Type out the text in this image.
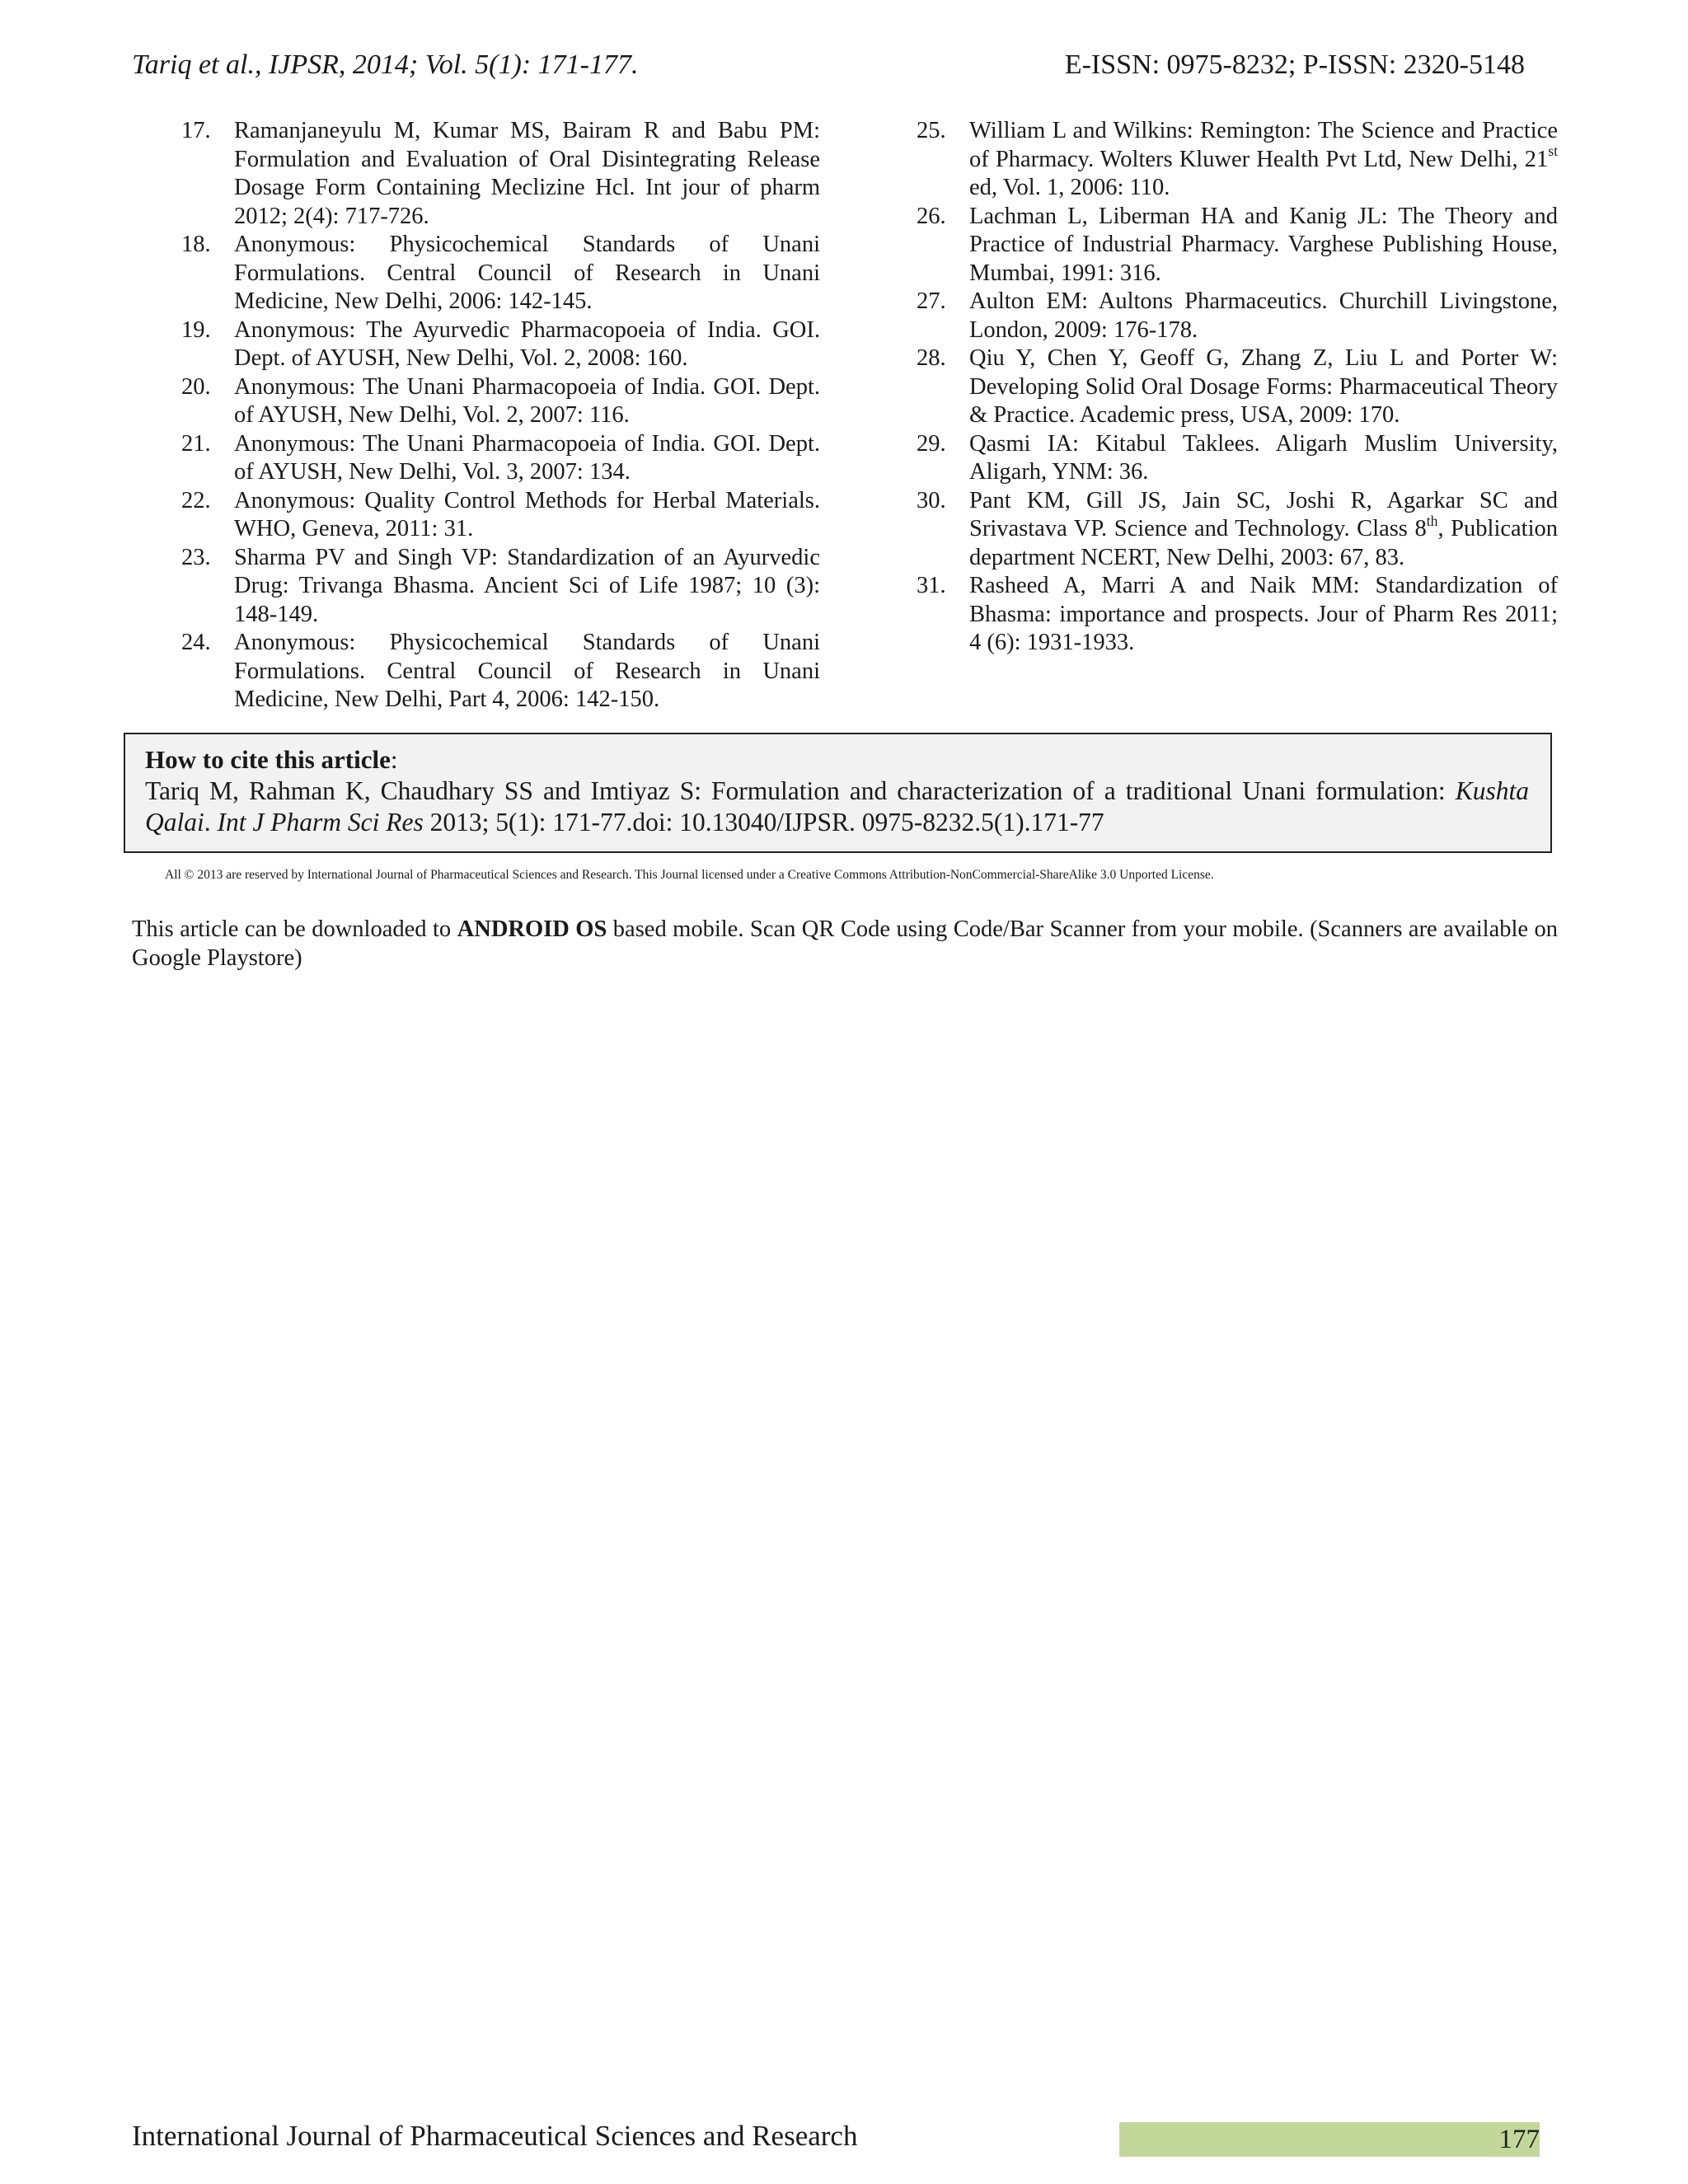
Tariq et al., IJPSR, 2014; Vol. 5(1): 171-177.	E-ISSN: 0975-8232; P-ISSN: 2320-5148
17. Ramanjaneyulu M, Kumar MS, Bairam R and Babu PM: Formulation and Evaluation of Oral Disintegrating Release Dosage Form Containing Meclizine Hcl. Int jour of pharm 2012; 2(4): 717-726.
18. Anonymous: Physicochemical Standards of Unani Formulations. Central Council of Research in Unani Medicine, New Delhi, 2006: 142-145.
19. Anonymous: The Ayurvedic Pharmacopoeia of India. GOI. Dept. of AYUSH, New Delhi, Vol. 2, 2008: 160.
20. Anonymous: The Unani Pharmacopoeia of India. GOI. Dept. of AYUSH, New Delhi, Vol. 2, 2007: 116.
21. Anonymous: The Unani Pharmacopoeia of India. GOI. Dept. of AYUSH, New Delhi, Vol. 3, 2007: 134.
22. Anonymous: Quality Control Methods for Herbal Materials. WHO, Geneva, 2011: 31.
23. Sharma PV and Singh VP: Standardization of an Ayurvedic Drug: Trivanga Bhasma. Ancient Sci of Life 1987; 10 (3): 148-149.
24. Anonymous: Physicochemical Standards of Unani Formulations. Central Council of Research in Unani Medicine, New Delhi, Part 4, 2006: 142-150.
25. William L and Wilkins: Remington: The Science and Practice of Pharmacy. Wolters Kluwer Health Pvt Ltd, New Delhi, 21st ed, Vol. 1, 2006: 110.
26. Lachman L, Liberman HA and Kanig JL: The Theory and Practice of Industrial Pharmacy. Varghese Publishing House, Mumbai, 1991: 316.
27. Aulton EM: Aultons Pharmaceutics. Churchill Livingstone, London, 2009: 176-178.
28. Qiu Y, Chen Y, Geoff G, Zhang Z, Liu L and Porter W: Developing Solid Oral Dosage Forms: Pharmaceutical Theory & Practice. Academic press, USA, 2009: 170.
29. Qasmi IA: Kitabul Taklees. Aligarh Muslim University, Aligarh, YNM: 36.
30. Pant KM, Gill JS, Jain SC, Joshi R, Agarkar SC and Srivastava VP. Science and Technology. Class 8th, Publication department NCERT, New Delhi, 2003: 67, 83.
31. Rasheed A, Marri A and Naik MM: Standardization of Bhasma: importance and prospects. Jour of Pharm Res 2011; 4 (6): 1931-1933.
How to cite this article:
Tariq M, Rahman K, Chaudhary SS and Imtiyaz S: Formulation and characterization of a traditional Unani formulation: Kushta Qalai. Int J Pharm Sci Res 2013; 5(1): 171-77.doi: 10.13040/IJPSR. 0975-8232.5(1).171-77
All © 2013 are reserved by International Journal of Pharmaceutical Sciences and Research. This Journal licensed under a Creative Commons Attribution-NonCommercial-ShareAlike 3.0 Unported License.
This article can be downloaded to ANDROID OS based mobile. Scan QR Code using Code/Bar Scanner from your mobile. (Scanners are available on Google Playstore)
International Journal of Pharmaceutical Sciences and Research	177
